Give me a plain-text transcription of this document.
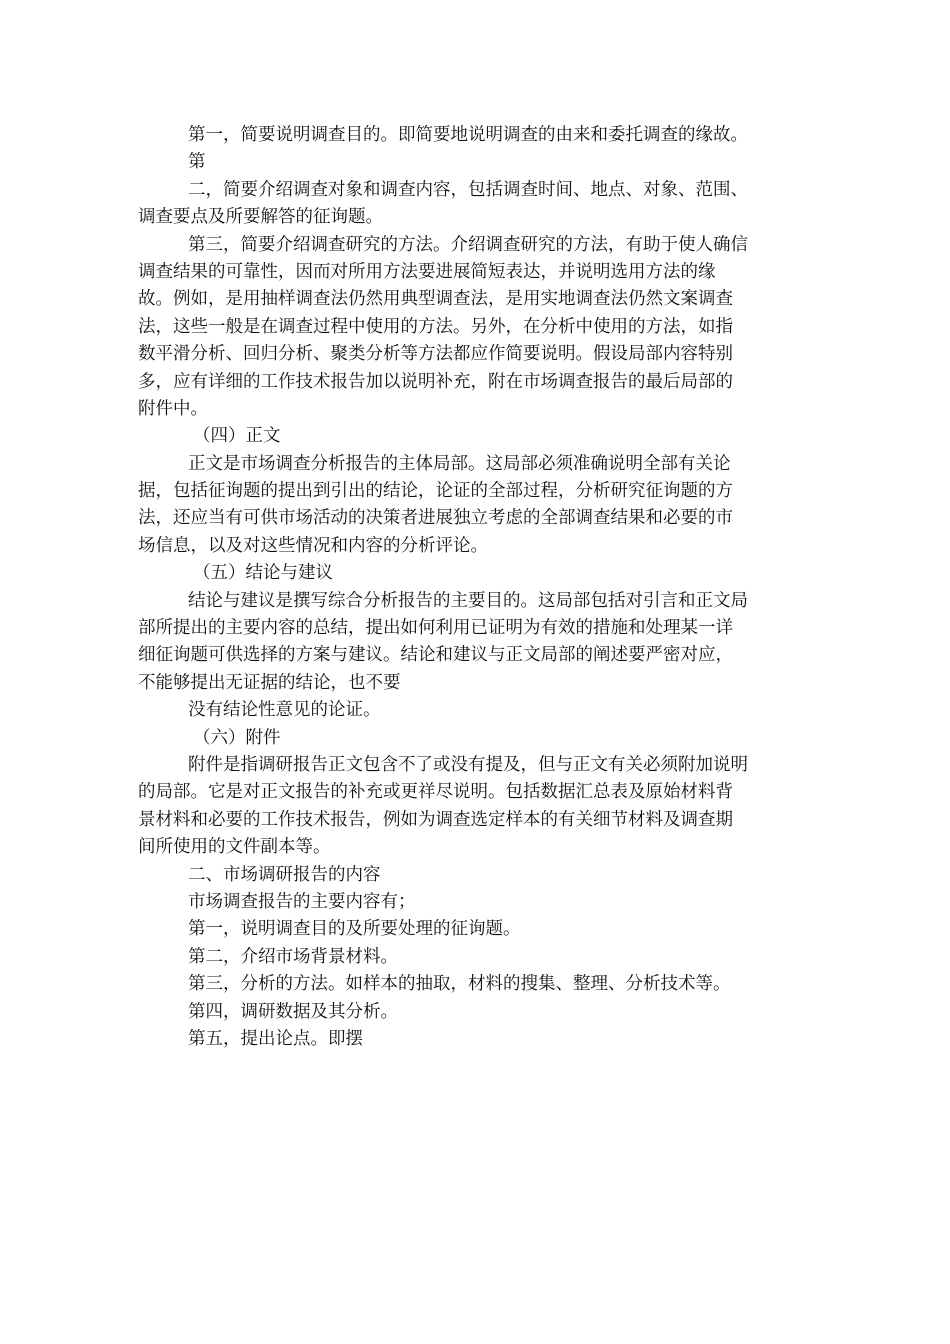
第一，简要说明调查目的。即简要地说明调查的由来和委托调查的缘故。
第
二，简要介绍调查对象和调查内容，包括调查时间、地点、对象、范围、
调查要点及所要解答的征询题。
第三，简要介绍调查研究的方法。介绍调查研究的方法，有助于使人确信
调查结果的可靠性，因而对所用方法要进展简短表达，并说明选用方法的缘
故。例如，是用抽样调查法仍然用典型调查法，是用实地调查法仍然文案调查
法，这些一般是在调查过程中使用的方法。另外，在分析中使用的方法，如指
数平滑分析、回归分析、聚类分析等方法都应作简要说明。假设局部内容特别
多，应有详细的工作技术报告加以说明补充，附在市场调查报告的最后局部的
附件中。
（四）正文
正文是市场调查分析报告的主体局部。这局部必须准确说明全部有关论
据，包括征询题的提出到引出的结论，论证的全部过程，分析研究征询题的方
法，还应当有可供市场活动的决策者进展独立考虑的全部调查结果和必要的市
场信息，以及对这些情况和内容的分析评论。
（五）结论与建议
结论与建议是撰写综合分析报告的主要目的。这局部包括对引言和正文局
部所提出的主要内容的总结，提出如何利用已证明为有效的措施和处理某一详
细征询题可供选择的方案与建议。结论和建议与正文局部的阐述要严密对应，
不能够提出无证据的结论，也不要
没有结论性意见的论证。
（六）附件
附件是指调研报告正文包含不了或没有提及，但与正文有关必须附加说明
的局部。它是对正文报告的补充或更祥尽说明。包括数据汇总表及原始材料背
景材料和必要的工作技术报告，例如为调查选定样本的有关细节材料及调查期
间所使用的文件副本等。
二、市场调研报告的内容
市场调查报告的主要内容有；
第一，说明调查目的及所要处理的征询题。
第二，介绍市场背景材料。
第三，分析的方法。如样本的抽取，材料的搜集、整理、分析技术等。
第四，调研数据及其分析。
第五，提出论点。即摆
